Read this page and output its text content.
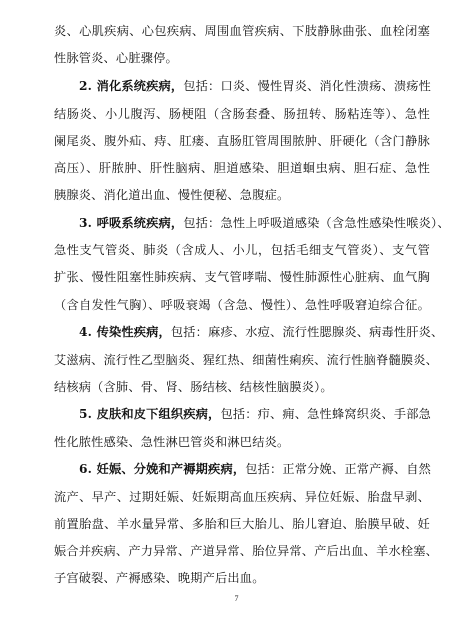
炎、心肌疾病、心包疾病、周围血管疾病、下肢静脉曲张、血栓闭塞
性脉管炎、心脏骤停。
2. 消化系统疾病，包括：口炎、慢性胃炎、消化性溃疡、溃疡性
结肠炎、小儿腹泻、肠梗阻（含肠套叠、肠扭转、肠粘连等）、急性
阑尾炎、腹外疝、痔、肛瘘、直肠肛管周围脓肿、肝硬化（含门静脉
高压）、肝脓肿、肝性脑病、胆道感染、胆道蛔虫病、胆石症、急性
胰腺炎、消化道出血、慢性便秘、急腹症。
3. 呼吸系统疾病，包括：急性上呼吸道感染（含急性感染性喉炎）、
急性支气管炎、肺炎（含成人、小儿，包括毛细支气管炎）、支气管
扩张、慢性阻塞性肺疾病、支气管哮喘、慢性肺源性心脏病、血气胸
（含自发性气胸）、呼吸衰竭（含急、慢性）、急性呼吸窘迫综合征。
4. 传染性疾病，包括：麻疹、水痘、流行性腮腺炎、病毒性肝炎、
艾滋病、流行性乙型脑炎、猩红热、细菌性痢疾、流行性脑脊髓膜炎、
结核病（含肺、骨、肾、肠结核、结核性脑膜炎）。
5. 皮肤和皮下组织疾病，包括：疖、痈、急性蜂窝织炎、手部急
性化脓性感染、急性淋巴管炎和淋巴结炎。
6. 妊娠、分娩和产褥期疾病，包括：正常分娩、正常产褥、自然
流产、早产、过期妊娠、妊娠期高血压疾病、异位妊娠、胎盘早剥、
前置胎盘、羊水量异常、多胎和巨大胎儿、胎儿窘迫、胎膜早破、妊
娠合并疾病、产力异常、产道异常、胎位异常、产后出血、羊水栓塞、
子宫破裂、产褥感染、晚期产后出血。
7
